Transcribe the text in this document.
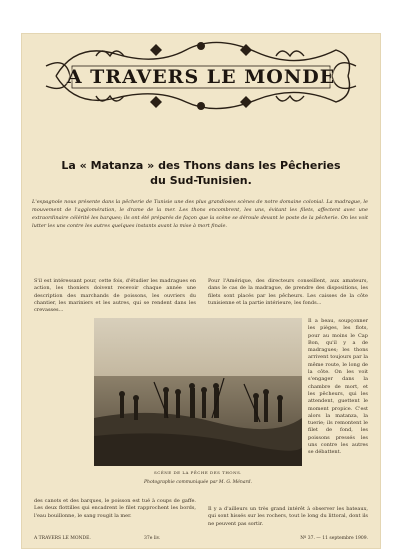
A TRAVERS LE MONDE
La « Matanza » des Thons dans les Pêcheries
du Sud-Tunisien.
L'espagnole nous présente dans la pêcherie de Tunisie une des plus grandioses scènes de notre domaine colonial. La madrague, le mouvement de l'agglomération, le drame de la mer. Les thons encombrent, les uns, évitant les filets, affectent avec une extraordinaire célérité les barques; ils ont été préparés de façon que la scène se déroule devant le poste de la pêcherie. On les voit lutter les uns contre les autres quelques instants avant la mise à mort finale.
S'il est intéressant pour, cette fois, d'étudier les madragues en action, les thoniers doivent recevoir chaque année une description des marchands de poissons, les ouvriers du chantier, les mariniers et les autres, qui se rendent dans les crevasses...
Pour l'Amérique, des directeurs conseillent, aux amateurs, dans le cas de la madrague, de prendre des dispositions, les filets sont placés par les pêcheurs. Les caisses de la côte tunisienne et la partie intérieure, les fonds...
SCÈNE DE LA PÊCHE DES THONS.
Photographie communiquée par M. G. Ménard.
Il a beau, soupçonner les pièges, les flots, pour au moins le Cap Bon, qu'il y a de madragues; les thons arrivent toujours par la même route, le long de la côte. On les voit s'engager dans la chambre de mort, et les pêcheurs, qui les attendent, guettent le moment propice. C'est alors la matanza, la tuerie; ils remontent le filet de fond, les poissons pressés les uns contre les autres se débattent.
des canots et des barques, le poisson est tué à coups de gaffe. Les deux flottilles qui encadrent le filet rapprochent les bords, l'eau bouillonne, le sang rougit la mer.
Il y a d'ailleurs un très grand intérêt à observer les bateaux, qui sont hissés sur les rochers, tout le long du littoral, dont ils ne peuvent pas sortir.
A TRAVERS LE MONDE.	37e liv.	Nº 37. — 11 septembre 1909.
